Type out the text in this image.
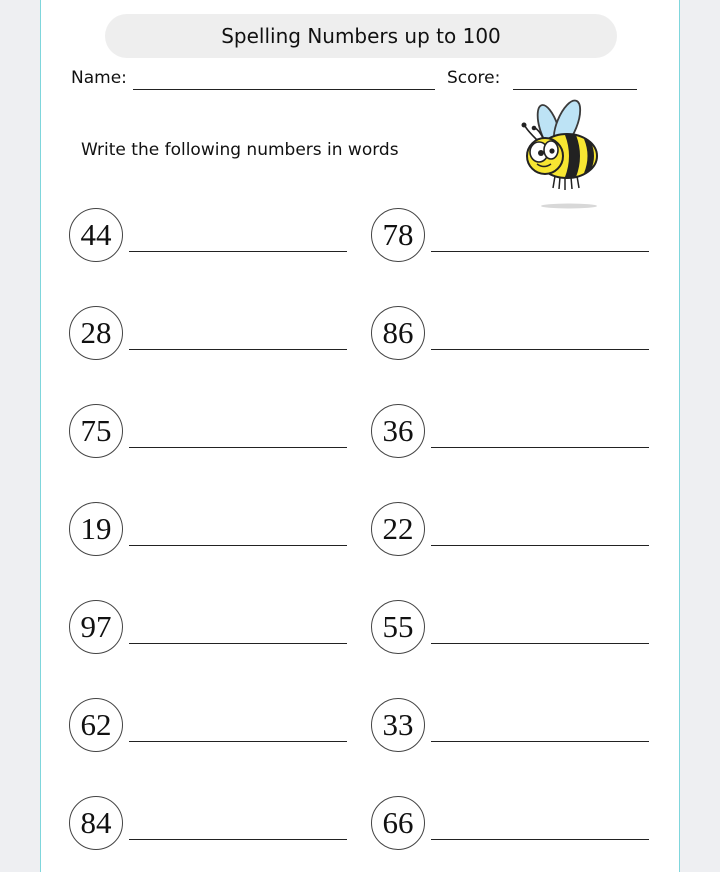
Spelling Numbers up to 100
Name:	Score:
Write the following numbers in words
44
28
75
19
97
62
84
78
86
36
22
55
33
66
